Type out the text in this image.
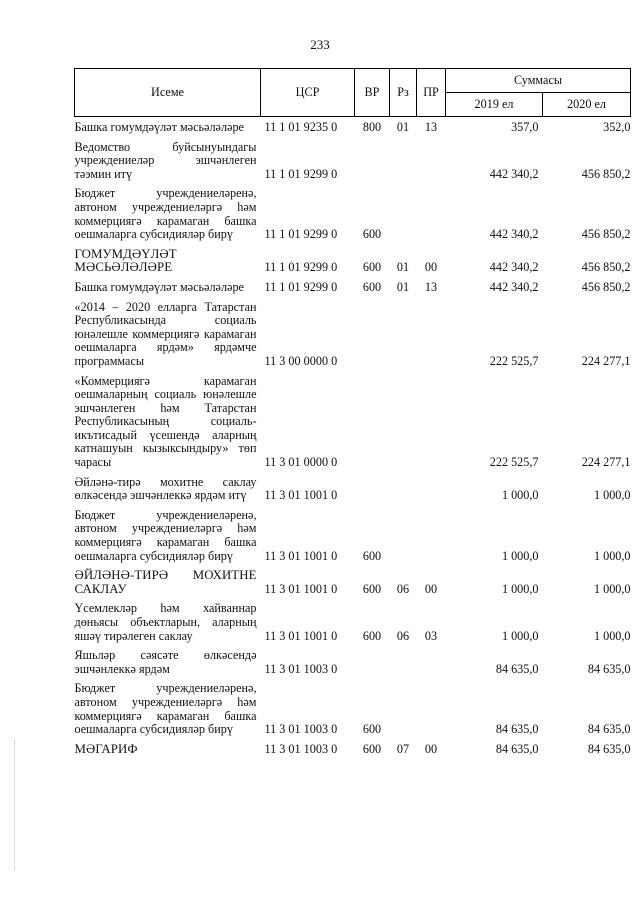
233
Исеме	ЦСР	ВР	Рз	ПР	Суммасы	
					2019 ел	2020 ел
Башка гомумдәүләт мәсьәләләре	11 1 01 9235 0	800	01	13	357,0	352,0
Ведомство буйсынуындагы учреждениеләр эшчәнлеген тәэмин итү	11 1 01 9299 0				442 340,2	456 850,2
Бюджет учреждениеләренә, автоном учреждениеләргә һәм коммерциягә карамаган башка оешмаларга субсидияләр бирү	11 1 01 9299 0	600			442 340,2	456 850,2
ГОМУМДӘҮЛӘТ МӘСЬӘЛӘЛӘРЕ	11 1 01 9299 0	600	01	00	442 340,2	456 850,2
Башка гомумдәүләт мәсьәләләре	11 1 01 9299 0	600	01	13	442 340,2	456 850,2
«2014 – 2020 елларга Татарстан Республикасында социаль юнәлешле коммерциягә карамаган оешмаларга ярдәм» ярдәмче программасы	11 3 00 0000 0				222 525,7	224 277,1
«Коммерциягә карамаган оешмаларның социаль юнәлешле эшчәнлеген һәм Татарстан Республикасының социаль-икътисадый үсешендә аларның катнашуын кызыксындыру» төп чарасы	11 3 01 0000 0				222 525,7	224 277,1
Әйләнә-тирә мохитне саклау өлкәсендә эшчәнлеккә ярдәм итү	11 3 01 1001 0				1 000,0	1 000,0
Бюджет учреждениеләренә, автоном учреждениеләргә һәм коммерциягә карамаган башка оешмаларга субсидияләр бирү	11 3 01 1001 0	600			1 000,0	1 000,0
ӘЙЛӘНӘ-ТИРӘ МОХИТНЕ САКЛАУ	11 3 01 1001 0	600	06	00	1 000,0	1 000,0
Үсемлекләр һәм хайваннар дөньясы объектларын, аларның яшәү тирәлеген саклау	11 3 01 1001 0	600	06	03	1 000,0	1 000,0
Яшьләр сәясәте өлкәсендә эшчәнлеккә ярдәм	11 3 01 1003 0				84 635,0	84 635,0
Бюджет учреждениеләренә, автоном учреждениеләргә һәм коммерциягә карамаган башка оешмаларга субсидияләр бирү	11 3 01 1003 0	600			84 635,0	84 635,0
МӘГАРИФ	11 3 01 1003 0	600	07	00	84 635,0	84 635,0
